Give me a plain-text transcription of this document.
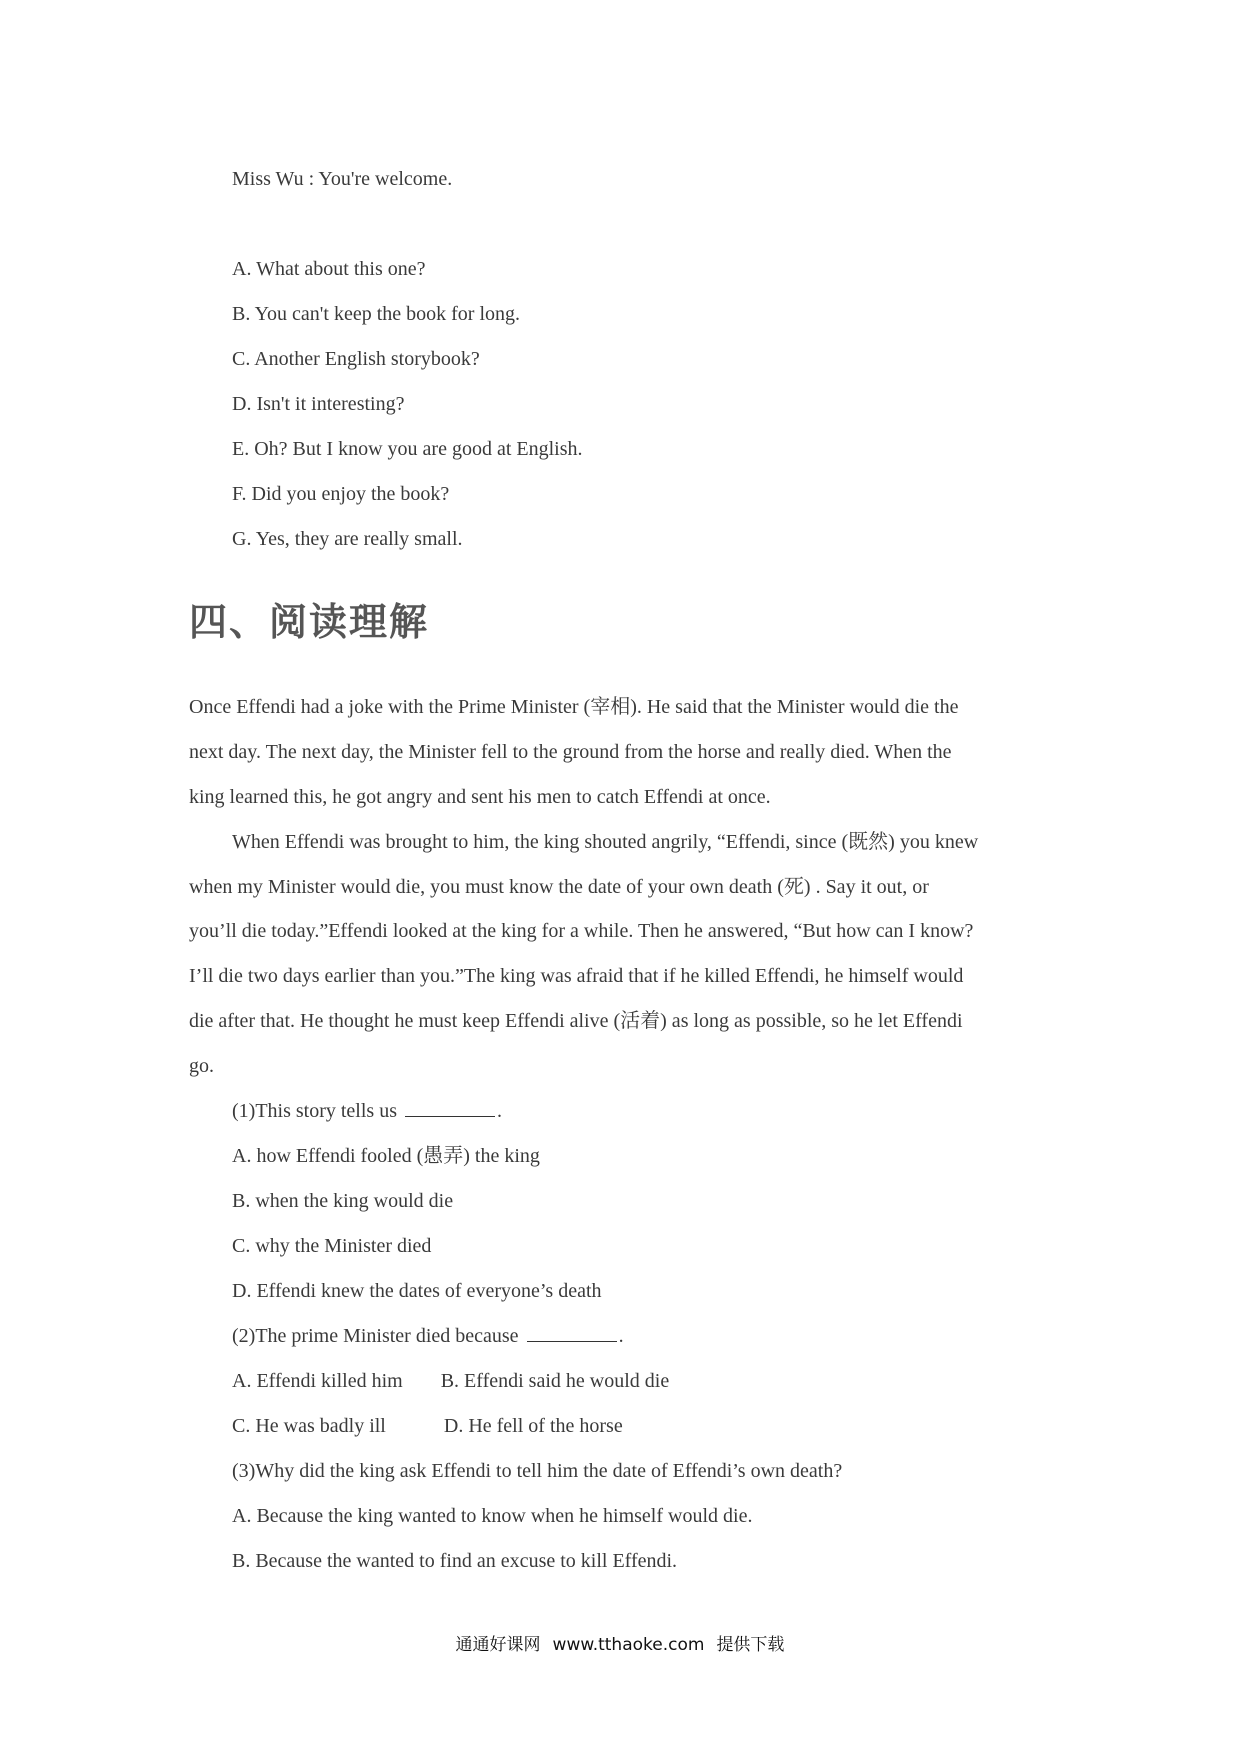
Miss Wu : You're welcome.
A. What about this one?
B. You can't keep the book for long.
C. Another English storybook?
D. Isn't it interesting?
E. Oh? But I know you are good at English.
F. Did you enjoy the book?
G. Yes, they are really small.
四、阅读理解
Once Effendi had a joke with the Prime Minister (宰相). He said that the Minister would die the
next day. The next day, the Minister fell to the ground from the horse and really died. When the
king learned this, he got angry and sent his men to catch Effendi at once.
When Effendi was brought to him, the king shouted angrily, “Effendi, since (既然) you knew
when my Minister would die, you must know the date of your own death (死) . Say it out, or
you’ll die today.”Effendi looked at the king for a while. Then he answered, “But how can I know?
I’ll die two days earlier than you.”The king was afraid that if he killed Effendi, he himself would
die after that. He thought he must keep Effendi alive (活着) as long as possible, so he let Effendi
go.
(1)This story tells us	.
A. how Effendi fooled (愚弄) the king
B. when the king would die
C. why the Minister died
D. Effendi knew the dates of everyone’s death
(2)The prime Minister died because	.
A. Effendi killed him B. Effendi said he would die
C. He was badly ill	D. He fell of the horse
(3)Why did the king ask Effendi to tell him the date of Effendi’s own death?
A. Because the king wanted to know when he himself would die.
B. Because the wanted to find an excuse to kill Effendi.
通通好课网 www.tthaoke.com 提供下载
